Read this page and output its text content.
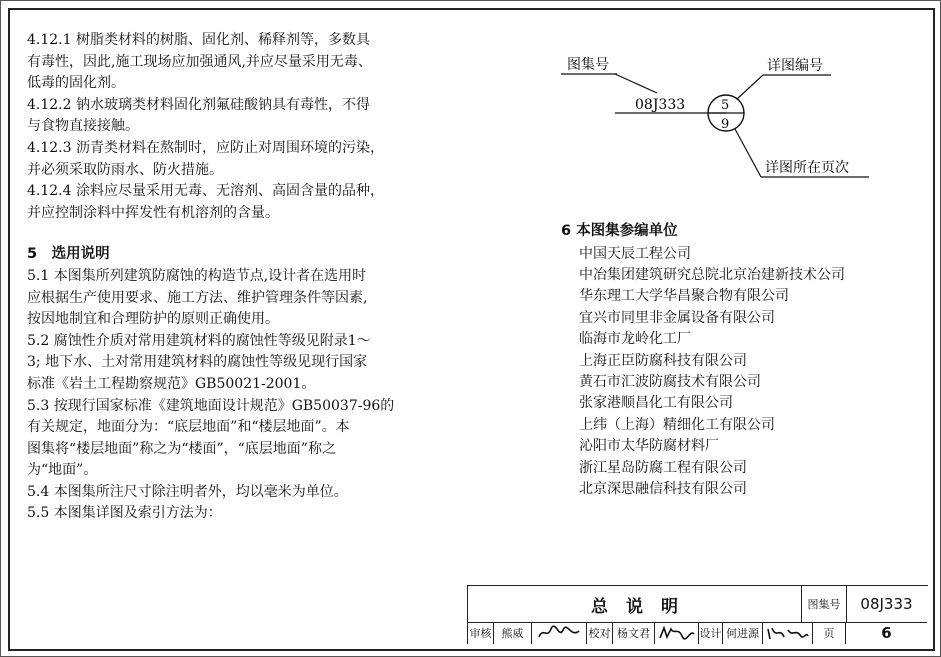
4.12.1 树脂类材料的树脂、固化剂、稀释剂等，多数具

有毒性，因此,施工现场应加强通风,并应尽量采用无毒、

低毒的固化剂。

4.12.2 钠水玻璃类材料固化剂氟硅酸钠具有毒性，不得

与食物直接接触。

4.12.3 沥青类材料在熬制时，应防止对周围环境的污染，

并必须采取防雨水、防火措施。

4.12.4 涂料应尽量采用无毒、无溶剂、高固含量的品种，

并应控制涂料中挥发性有机溶剂的含量。

5　选用说明

5.1 本图集所列建筑防腐蚀的构造节点,设计者在选用时

应根据生产使用要求、施工方法、维护管理条件等因素,

按因地制宜和合理防护的原则正确使用。

5.2 腐蚀性介质对常用建筑材料的腐蚀性等级见附录1～

3; 地下水、土对常用建筑材料的腐蚀性等级见现行国家

标准《岩土工程勘察规范》GB50021-2001。

5.3 按现行国家标准《建筑地面设计规范》GB50037-96的

有关规定，地面分为：“底层地面”和“楼层地面”。本

图集将“楼层地面”称之为“楼面”，“底层地面”称之

为“地面”。

5.4 本图集所注尺寸除注明者外，均以毫米为单位。

5.5 本图集详图及索引方法为：

图集号
08J333	5
9
详图编号
详图所在页次

6 本图集参编单位

中国天辰工程公司

中冶集团建筑研究总院北京冶建新技术公司

华东理工大学华昌聚合物有限公司

宜兴市同里非金属设备有限公司

临海市龙岭化工厂

上海正臣防腐科技有限公司

黄石市汇波防腐技术有限公司

张家港顺昌化工有限公司

上纬（上海）精细化工有限公司

沁阳市太华防腐材料厂

浙江星岛防腐工程有限公司

北京深思融信科技有限公司

总说明	图集号	08J333
审核 熊威	校对 杨文君	设计 何进源	页	6
